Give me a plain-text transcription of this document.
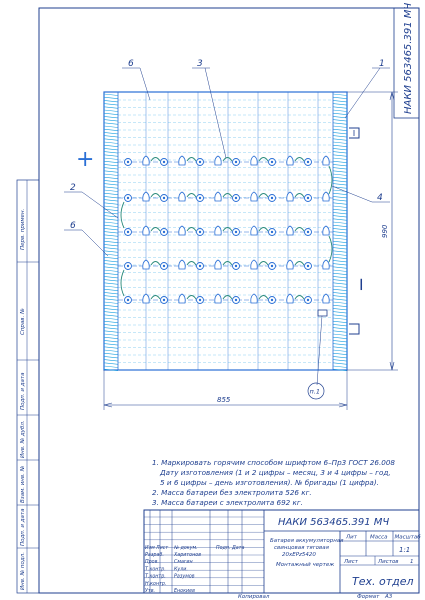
НАКИ 563465.391 МЧ
Перв. примен.
Справ. №
Подп. и дата
Инв. № дубл.
Взам. инв. №
Подп. и дата
Инв. № подл.
+
−
990
855
п.1
6	3	1
2
6
4
1. Маркировать горячим способом шрифтом 6–Пр3 ГОСТ 26.008
Дату изготовления (1 и 2 цифры – месяц, 3 и 4 цифры – год,
5 и 6 цифры – день изготовления). № бригады (1 цифра).
2. Масса батареи без электролита 526 кг.
3. Масса батареи с электролита 692 кг.
НАКИ 563465.391 МЧ
Батарея аккумуляторная
свинцовая тяговая
20хЕРz5420
Монтажный чертеж
Лит Масса Масштаб
1:1
Лист	Листов 1
Тех. отдел
Изм Лист № докум.	Подп. Дата
Разраб. Харитонов
Пров.	Смагин
Т.контр. Кули.
Т.контр. Разумов
Н.контр.
Утв.	Енокиев
Копировал	Формат А3
